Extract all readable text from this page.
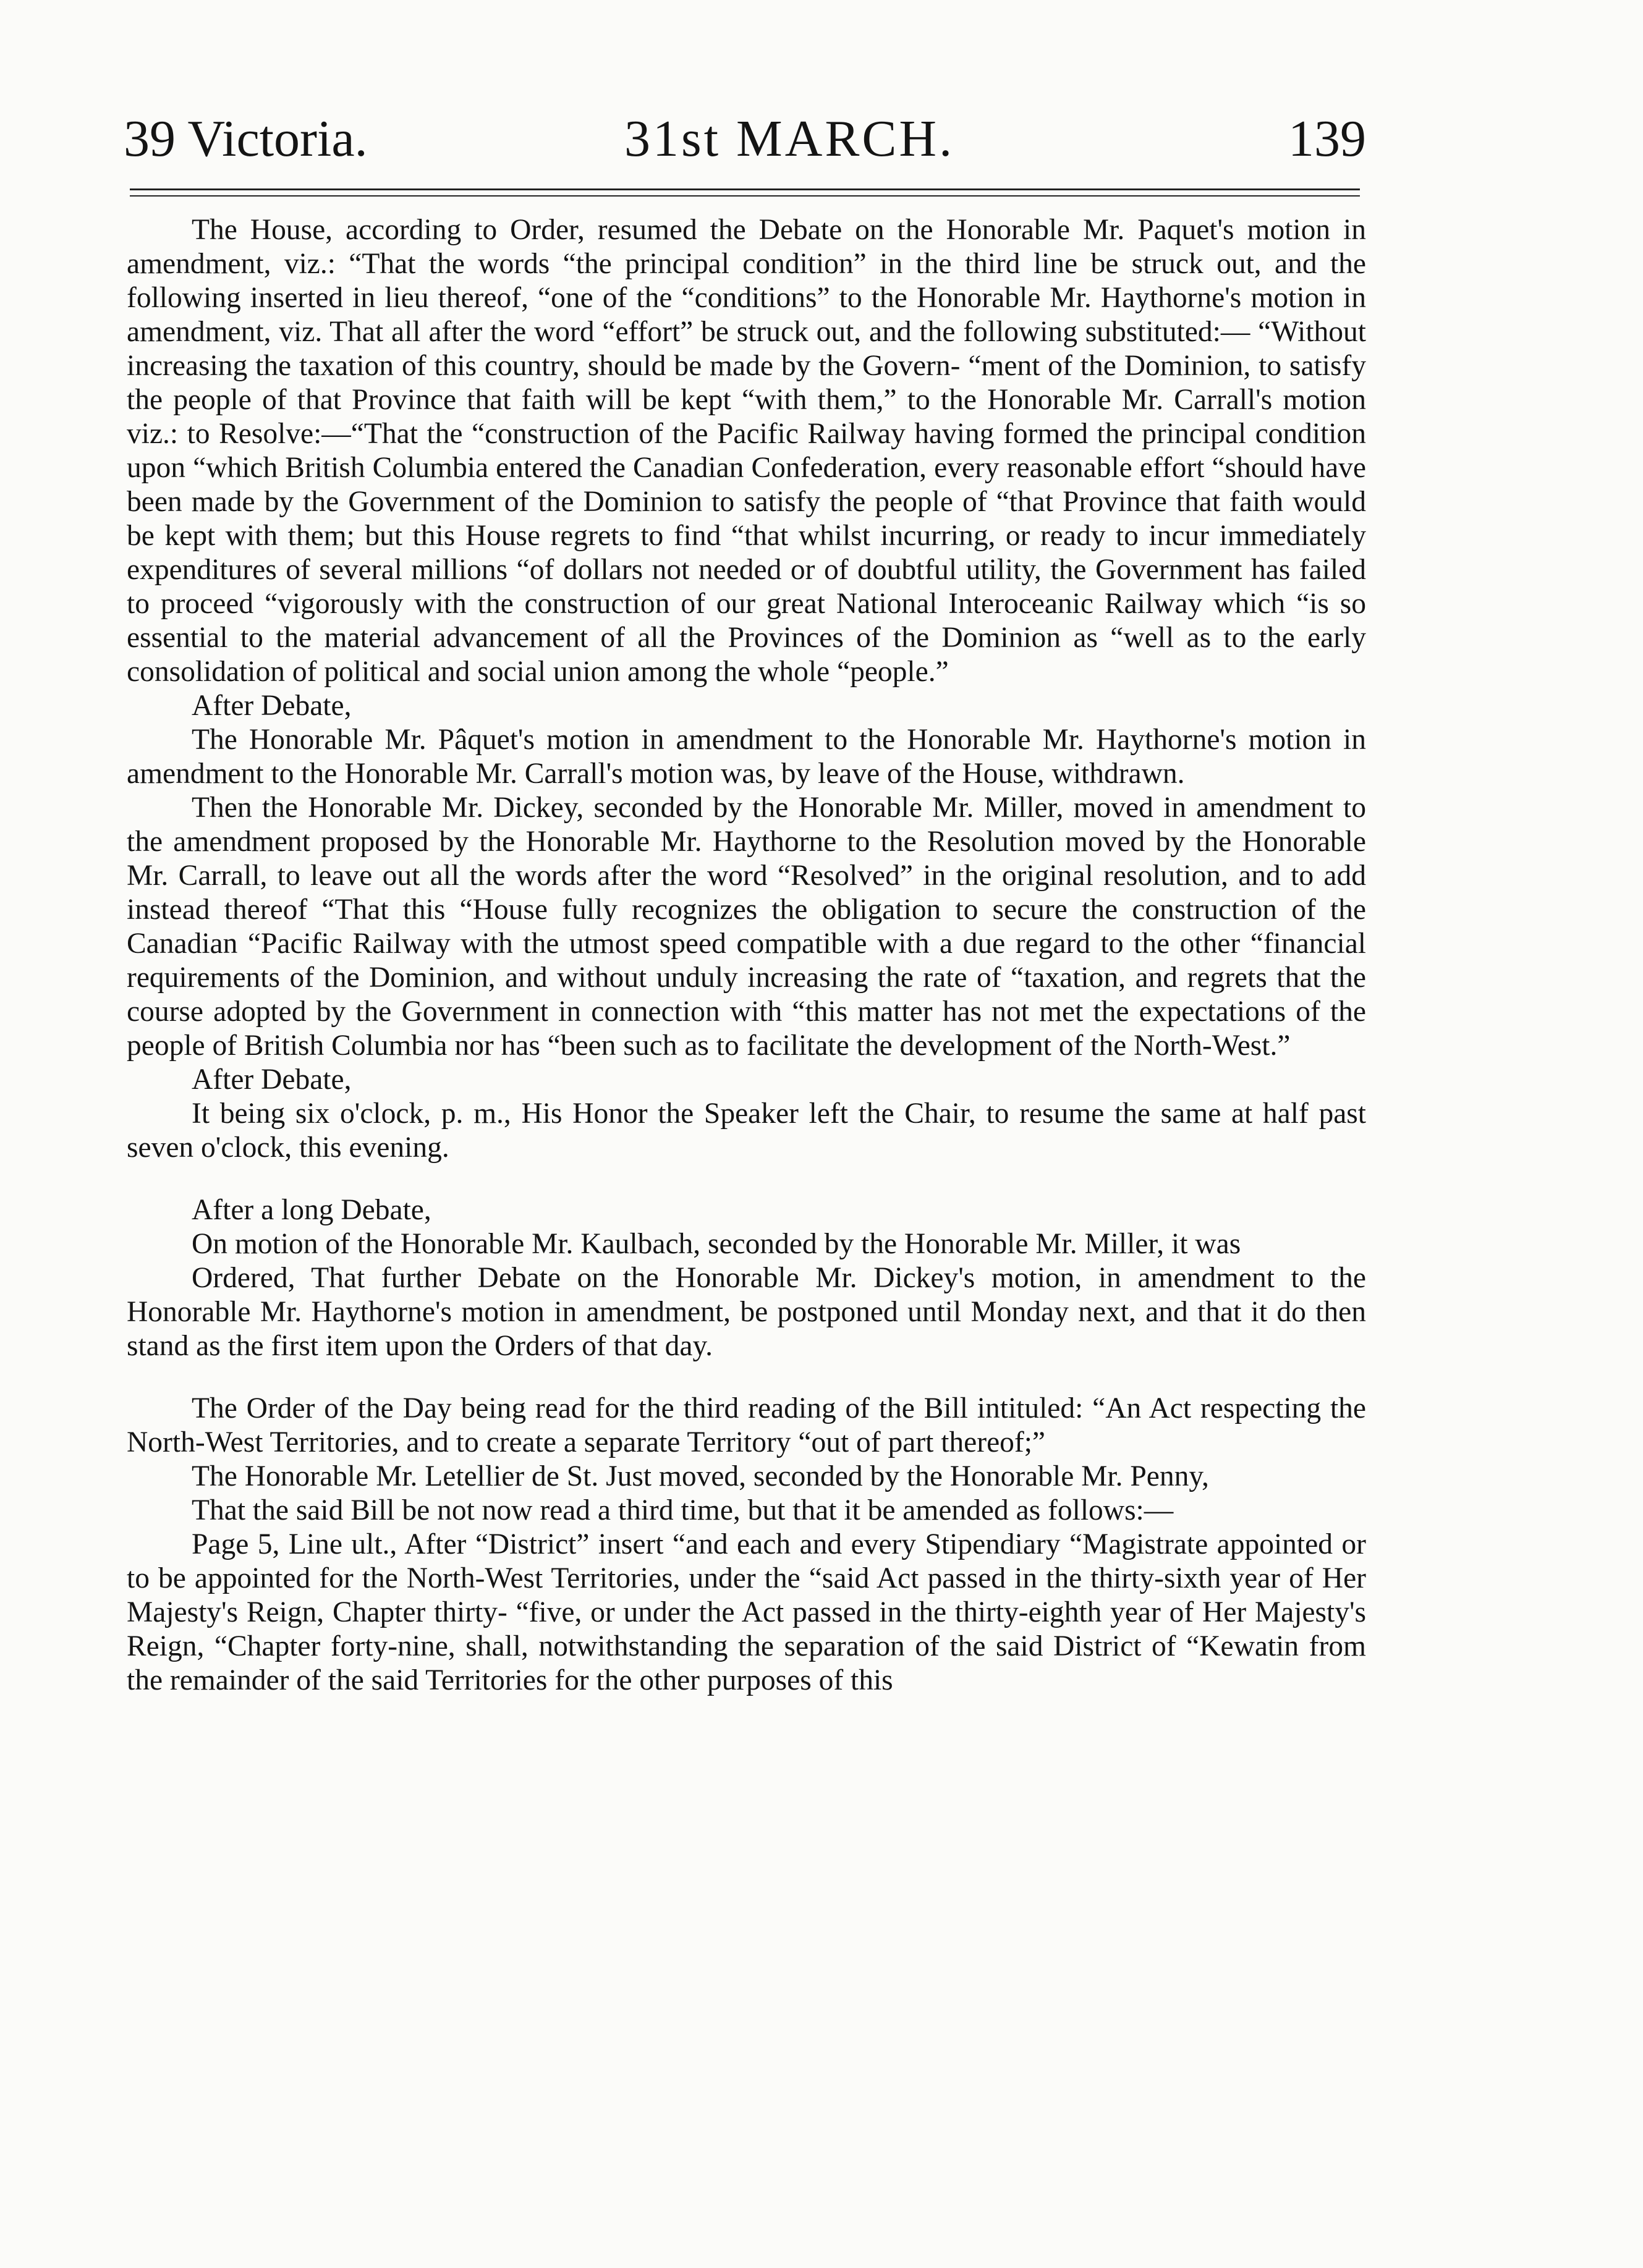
39 Victoria.	31st MARCH.	139

The House, according to Order, resumed the Debate on the Honorable Mr. Paquet's motion in amendment, viz.: “That the words “the principal condition” in the third line be struck out, and the following inserted in lieu thereof, “one of the “conditions” to the Honorable Mr. Haythorne's motion in amendment, viz. That all after the word “effort” be struck out, and the following substituted:— “Without increasing the taxation of this country, should be made by the Govern- “ment of the Dominion, to satisfy the people of that Province that faith will be kept “with them,” to the Honorable Mr. Carrall's motion viz.: to Resolve:—“That the “construction of the Pacific Railway having formed the principal condition upon “which British Columbia entered the Canadian Confederation, every reasonable effort “should have been made by the Government of the Dominion to satisfy the people of “that Province that faith would be kept with them; but this House regrets to find “that whilst incurring, or ready to incur immediately expenditures of several millions “of dollars not needed or of doubtful utility, the Government has failed to proceed “vigorously with the construction of our great National Interoceanic Railway which “is so essential to the material advancement of all the Provinces of the Dominion as “well as to the early consolidation of political and social union among the whole “people.”

After Debate,

The Honorable Mr. Pâquet's motion in amendment to the Honorable Mr. Haythorne's motion in amendment to the Honorable Mr. Carrall's motion was, by leave of the House, withdrawn.

Then the Honorable Mr. Dickey, seconded by the Honorable Mr. Miller, moved in amendment to the amendment proposed by the Honorable Mr. Haythorne to the Resolution moved by the Honorable Mr. Carrall, to leave out all the words after the word “Resolved” in the original resolution, and to add instead thereof “That this “House fully recognizes the obligation to secure the construction of the Canadian “Pacific Railway with the utmost speed compatible with a due regard to the other “financial requirements of the Dominion, and without unduly increasing the rate of “taxation, and regrets that the course adopted by the Government in connection with “this matter has not met the expectations of the people of British Columbia nor has “been such as to facilitate the development of the North-West.”

After Debate,

It being six o'clock, p. m., His Honor the Speaker left the Chair, to resume the same at half past seven o'clock, this evening.

After a long Debate,

On motion of the Honorable Mr. Kaulbach, seconded by the Honorable Mr. Miller, it was

Ordered, That further Debate on the Honorable Mr. Dickey's motion, in amendment to the Honorable Mr. Haythorne's motion in amendment, be postponed until Monday next, and that it do then stand as the first item upon the Orders of that day.

The Order of the Day being read for the third reading of the Bill intituled: “An Act respecting the North-West Territories, and to create a separate Territory “out of part thereof;”

The Honorable Mr. Letellier de St. Just moved, seconded by the Honorable Mr. Penny,

That the said Bill be not now read a third time, but that it be amended as follows:—

Page 5, Line ult., After “District” insert “and each and every Stipendiary “Magistrate appointed or to be appointed for the North-West Territories, under the “said Act passed in the thirty-sixth year of Her Majesty's Reign, Chapter thirty- “five, or under the Act passed in the thirty-eighth year of Her Majesty's Reign, “Chapter forty-nine, shall, notwithstanding the separation of the said District of “Kewatin from the remainder of the said Territories for the other purposes of this
